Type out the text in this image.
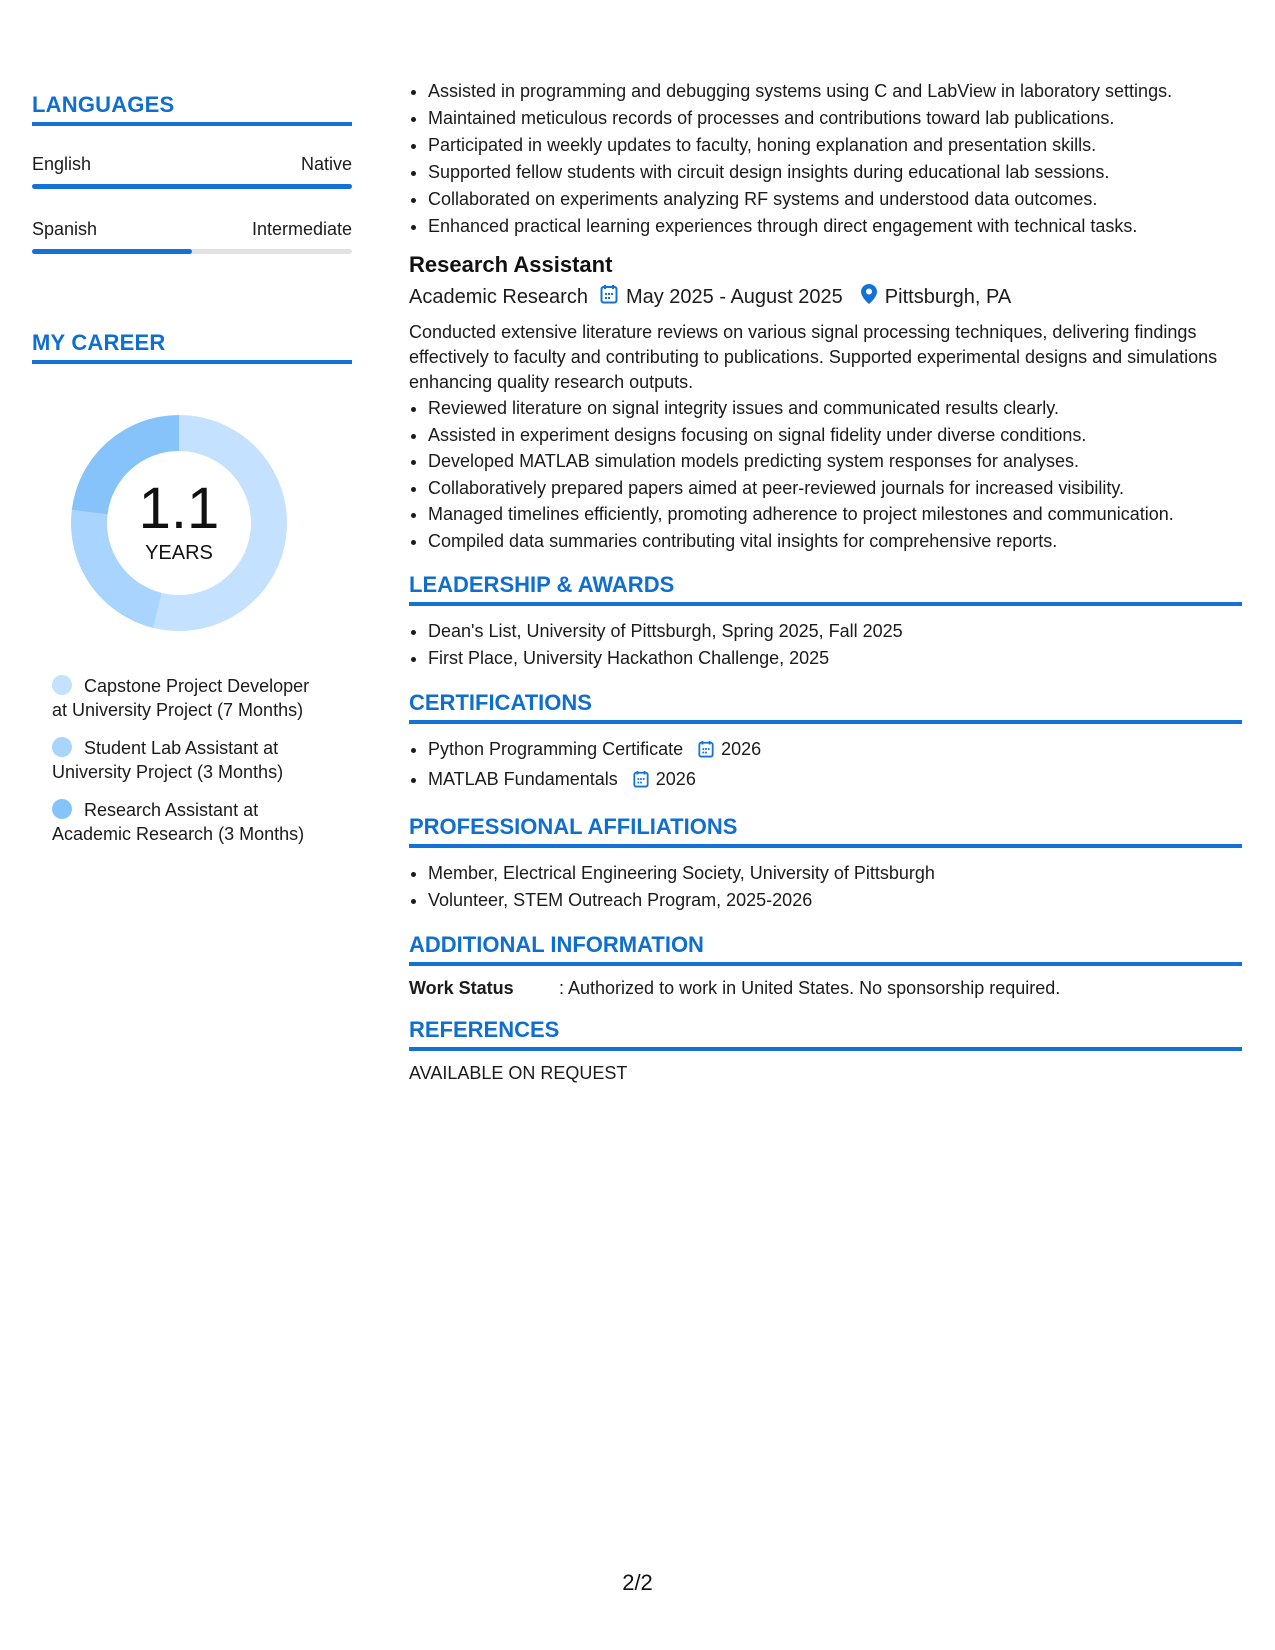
LANGUAGES
English	Native
Spanish	Intermediate
MY CAREER
1.1
YEARS
Capstone Project Developer at University Project (7 Months)
Student Lab Assistant at University Project (3 Months)
Research Assistant at Academic Research (3 Months)
• Assisted in programming and debugging systems using C and LabView in laboratory settings.
• Maintained meticulous records of processes and contributions toward lab publications.
• Participated in weekly updates to faculty, honing explanation and presentation skills.
• Supported fellow students with circuit design insights during educational lab sessions.
• Collaborated on experiments analyzing RF systems and understood data outcomes.
• Enhanced practical learning experiences through direct engagement with technical tasks.
Research Assistant
Academic Research May 2025 - August 2025 Pittsburgh, PA
Conducted extensive literature reviews on various signal processing techniques, delivering findings effectively to faculty and contributing to publications. Supported experimental designs and simulations enhancing quality research outputs.
• Reviewed literature on signal integrity issues and communicated results clearly.
• Assisted in experiment designs focusing on signal fidelity under diverse conditions.
• Developed MATLAB simulation models predicting system responses for analyses.
• Collaboratively prepared papers aimed at peer-reviewed journals for increased visibility.
• Managed timelines efficiently, promoting adherence to project milestones and communication.
• Compiled data summaries contributing vital insights for comprehensive reports.
LEADERSHIP & AWARDS
• Dean's List, University of Pittsburgh, Spring 2025, Fall 2025
• First Place, University Hackathon Challenge, 2025
CERTIFICATIONS
• Python Programming Certificate 2026
• MATLAB Fundamentals 2026
PROFESSIONAL AFFILIATIONS
• Member, Electrical Engineering Society, University of Pittsburgh
• Volunteer, STEM Outreach Program, 2025-2026
ADDITIONAL INFORMATION
Work Status	: Authorized to work in United States. No sponsorship required.
REFERENCES
AVAILABLE ON REQUEST
2/2
